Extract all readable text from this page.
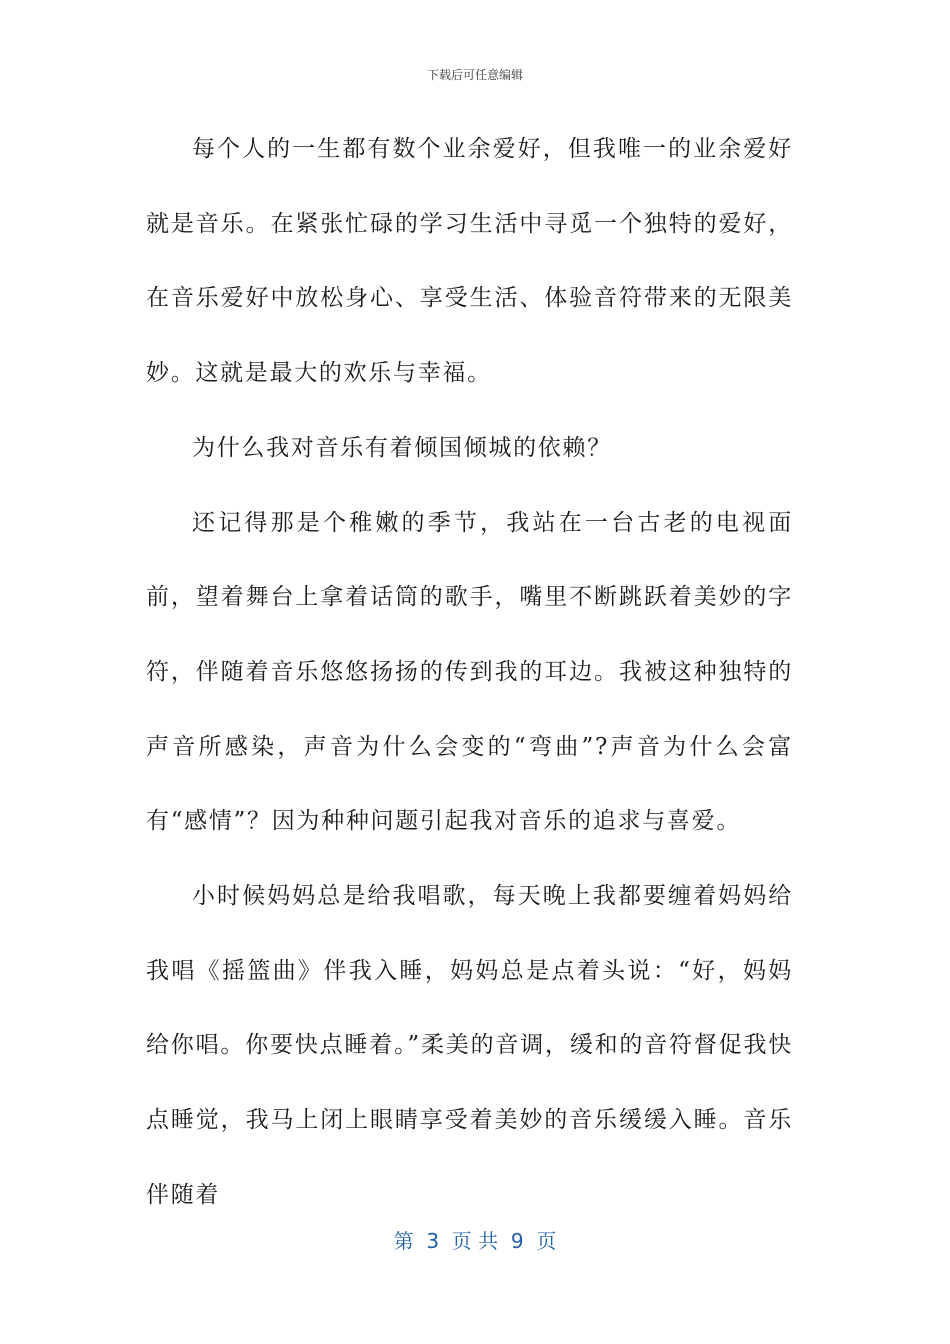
下载后可任意编辑

每个人的一生都有数个业余爱好，但我唯一的业余爱好就是音乐。在紧张忙碌的学习生活中寻觅一个独特的爱好，在音乐爱好中放松身心、享受生活、体验音符带来的无限美妙。这就是最大的欢乐与幸福。

为什么我对音乐有着倾国倾城的依赖？

还记得那是个稚嫩的季节，我站在一台古老的电视面前，望着舞台上拿着话筒的歌手，嘴里不断跳跃着美妙的字符，伴随着音乐悠悠扬扬的传到我的耳边。我被这种独特的声音所感染，声音为什么会变的“弯曲”?声音为什么会富有“感情”？因为种种问题引起我对音乐的追求与喜爱。

小时候妈妈总是给我唱歌，每天晚上我都要缠着妈妈给我唱《摇篮曲》伴我入睡，妈妈总是点着头说：“好，妈妈给你唱。你要快点睡着。”柔美的音调，缓和的音符督促我快点睡觉，我马上闭上眼睛享受着美妙的音乐缓缓入睡。音乐伴随着

第  3  页 共  9  页
